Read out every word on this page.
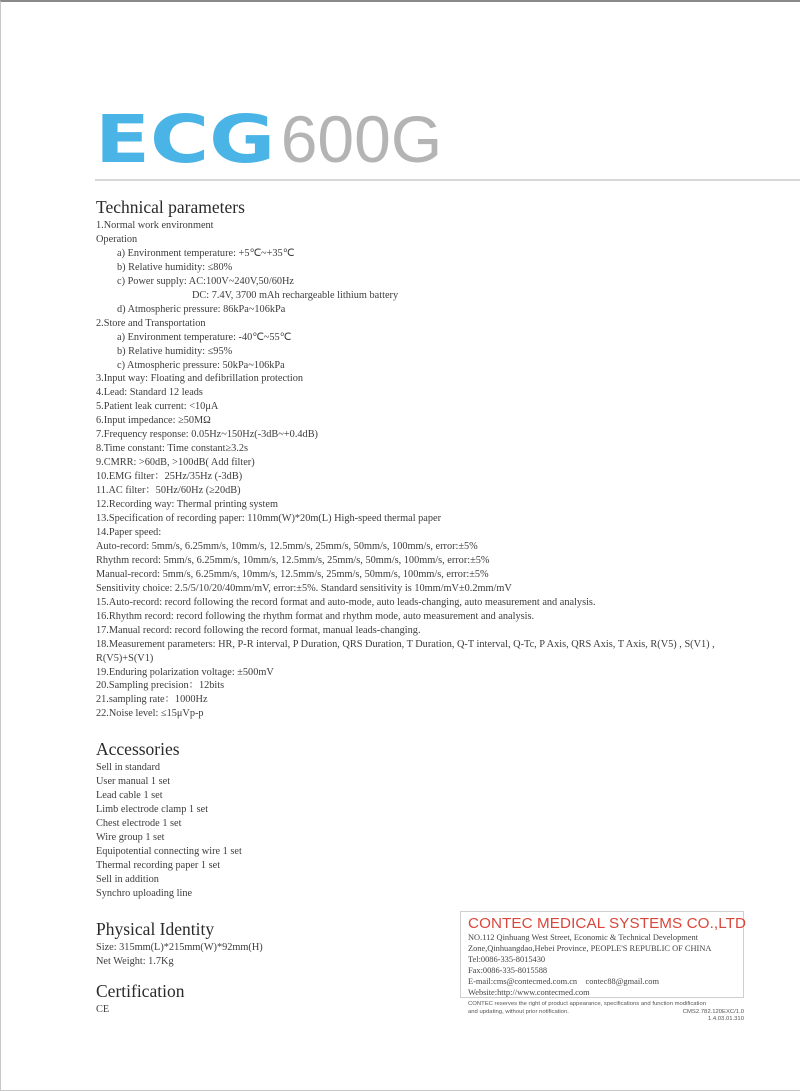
ECG600G
Technical parameters
1.Normal work environment
Operation
a) Environment temperature: +5℃~+35℃
b) Relative humidity: ≤80%
c) Power supply: AC:100V~240V,50/60Hz
DC: 7.4V, 3700 mAh rechargeable lithium battery
d) Atmospheric pressure: 86kPa~106kPa
2.Store and Transportation
a) Environment temperature: -40℃~55℃
b) Relative humidity: ≤95%
c) Atmospheric pressure: 50kPa~106kPa
3.Input way: Floating and defibrillation protection
4.Lead: Standard 12 leads
5.Patient leak current: <10μA
6.Input impedance: ≥50MΩ
7.Frequency response: 0.05Hz~150Hz(-3dB~+0.4dB)
8.Time constant: Time constant≥3.2s
9.CMRR: >60dB, >100dB( Add filter)
10.EMG filter：25Hz/35Hz (-3dB)
11.AC filter：50Hz/60Hz (≥20dB)
12.Recording way: Thermal printing system
13.Specification of recording paper: 110mm(W)*20m(L) High-speed thermal paper
14.Paper speed:
Auto-record: 5mm/s, 6.25mm/s, 10mm/s, 12.5mm/s, 25mm/s, 50mm/s, 100mm/s, error:±5%
Rhythm record: 5mm/s, 6.25mm/s, 10mm/s, 12.5mm/s, 25mm/s, 50mm/s, 100mm/s, error:±5%
Manual-record: 5mm/s, 6.25mm/s, 10mm/s, 12.5mm/s, 25mm/s, 50mm/s, 100mm/s, error:±5%
Sensitivity choice: 2.5/5/10/20/40mm/mV, error:±5%. Standard sensitivity is 10mm/mV±0.2mm/mV
15.Auto-record: record following the record format and auto-mode, auto leads-changing, auto measurement and analysis.
16.Rhythm record: record following the rhythm format and rhythm mode, auto measurement and analysis.
17.Manual record: record following the record format, manual leads-changing.
18.Measurement parameters: HR, P-R interval, P Duration, QRS Duration, T Duration, Q-T interval, Q-Tc, P Axis, QRS Axis, T Axis, R(V5) , S(V1) ,
R(V5)+S(V1)
19.Enduring polarization voltage: ±500mV
20.Sampling precision：12bits
21.sampling rate：1000Hz
22.Noise level: ≤15μVp-p
Accessories
Sell in standard
User manual 1 set
Lead cable 1 set
Limb electrode clamp 1 set
Chest electrode 1 set
Wire group 1 set
Equipotential connecting wire 1 set
Thermal recording paper 1 set
Sell in addition
Synchro uploading line
Physical Identity
Size: 315mm(L)*215mm(W)*92mm(H)
Net Weight: 1.7Kg
Certification
CE
CONTEC MEDICAL SYSTEMS CO.,LTD
NO.112 Qinhuang West Street, Economic & Technical Development
Zone,Qinhuangdao,Hebei Province, PEOPLE'S REPUBLIC OF CHINA
Tel:0086-335-8015430
Fax:0086-335-8015588
E-mail:cms@contecmed.com.cn    contec88@gmail.com
Website:http://www.contecmed.com
CONTEC reserves the right of product appearance, specifications and function modification
and updating, without prior notification.	CMS2.782.120EXC/1.0
1.4.03.01.310
